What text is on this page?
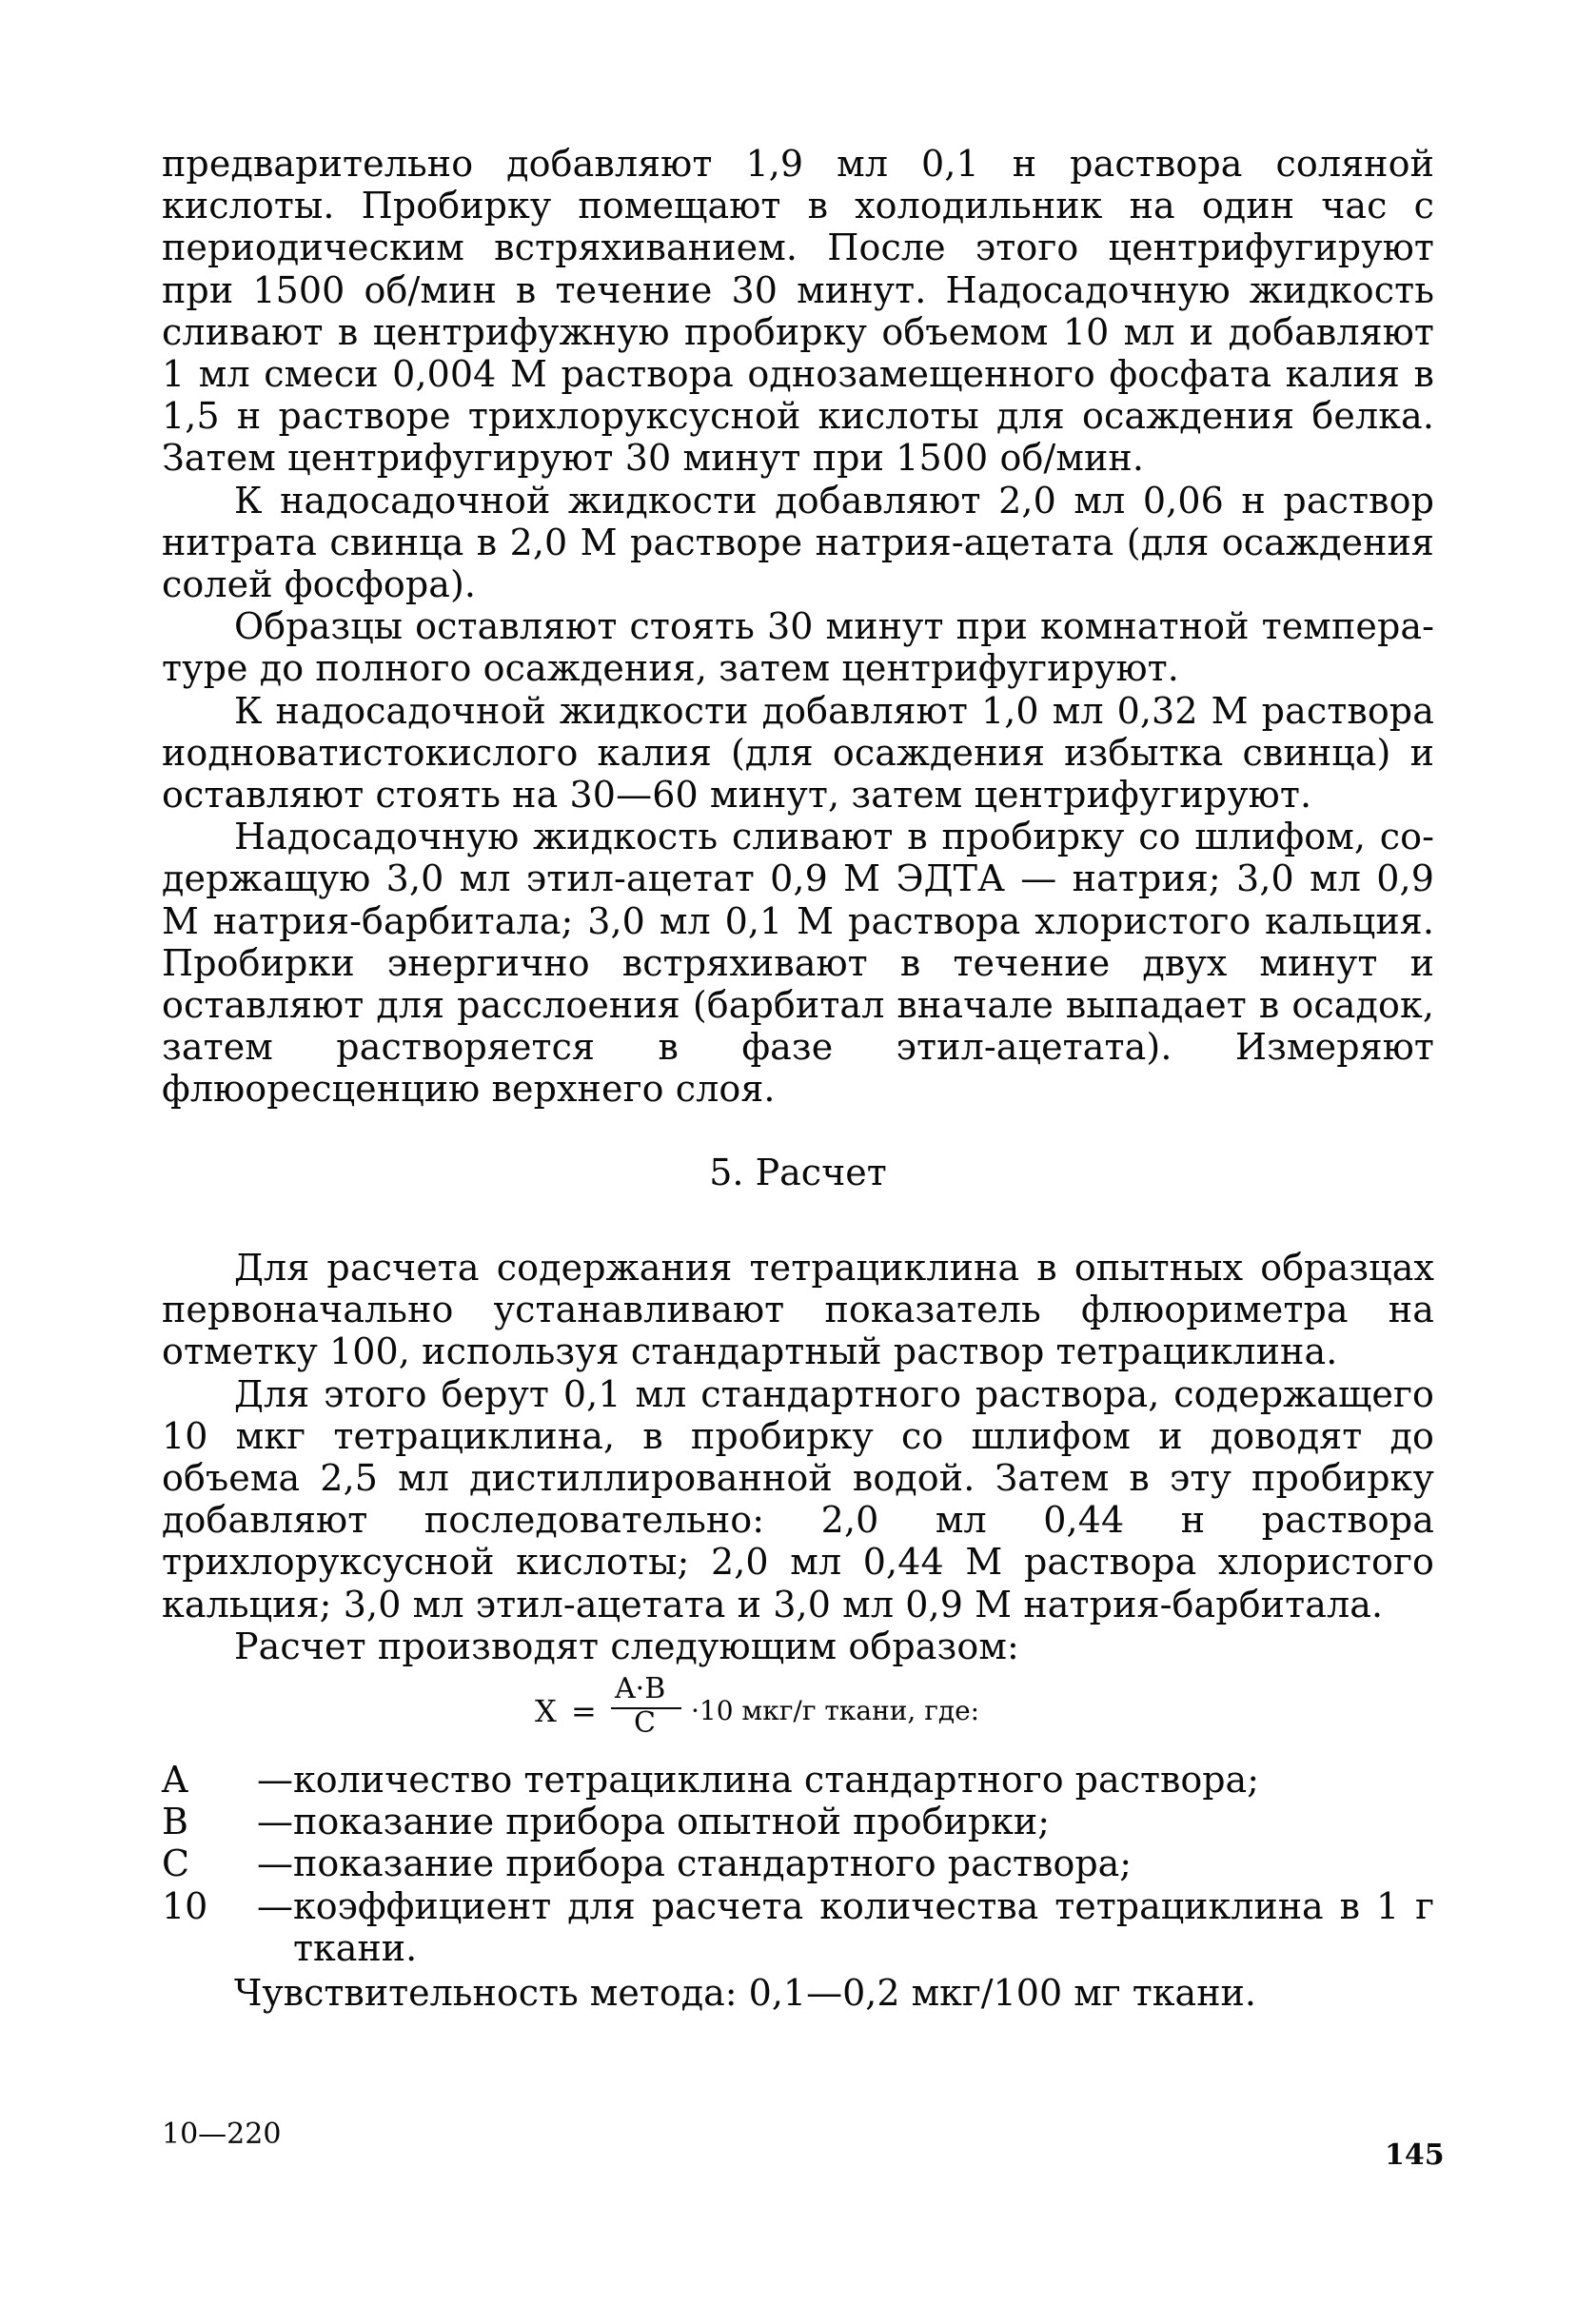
предварительно добавляют 1,9 мл 0,1 н раствора соляной кислоты. Пробирку помещают в холодильник на один час с периодическим встряхиванием. После этого центрифугируют при 1500 об/мин в течение 30 минут. Надосадочную жидкость сливают в центрифужную пробирку объемом 10 мл и добавляют 1 мл смеси 0,004 М раствора однозамещенного фосфата калия в 1,5 н растворе трихлоруксусной кислоты для осаждения белка. Затем центрифугируют 30 минут при 1500 об/мин.

К надосадочной жидкости добавляют 2,0 мл 0,06 н раствор нитрата свинца в 2,0 М растворе натрия-ацетата (для осаждения солей фосфора).

Образцы оставляют стоять 30 минут при комнатной температуре до полного осаждения, затем центрифугируют.

К надосадочной жидкости добавляют 1,0 мл 0,32 М раствора иодноватистокислого калия (для осаждения избытка свинца) и оставляют стоять на 30—60 минут, затем центрифугируют.

Надосадочную жидкость сливают в пробирку со шлифом, содержащую 3,0 мл этил-ацетат 0,9 М ЭДТА — натрия; 3,0 мл 0,9 М натрия-барбитала; 3,0 мл 0,1 М раствора хлористого кальция. Пробирки энергично встряхивают в течение двух минут и оставляют для расслоения (барбитал вначале выпадает в осадок, затем растворяется в фазе этил-ацетата). Измеряют флюоресценцию верхнего слоя.

5. Расчет

Для расчета содержания тетрациклина в опытных образцах первоначально устанавливают показатель флюориметра на отметку 100, используя стандартный раствор тетрациклина.

Для этого берут 0,1 мл стандартного раствора, содержащего 10 мкг тетрациклина, в пробирку со шлифом и доводят до объема 2,5 мл дистиллированной водой. Затем в эту пробирку добавляют последовательно: 2,0 мл 0,44 н раствора трихлоруксусной кислоты; 2,0 мл 0,44 М раствора хлористого кальция; 3,0 мл этил-ацетата и 3,0 мл 0,9 М натрия-барбитала.

Расчет производят следующим образом:

X =
A·B
C ·10 мкг/г ткани, где:
A	— количество тетрациклина стандартного раствора;
B	— показание прибора опытной пробирки;
C	— показание прибора стандартного раствора;
10	— коэффициент для расчета количества тетрациклина в 1 г ткани.
Чувствительность метода: 0,1—0,2 мкг/100 мг ткани.
10—220
145
